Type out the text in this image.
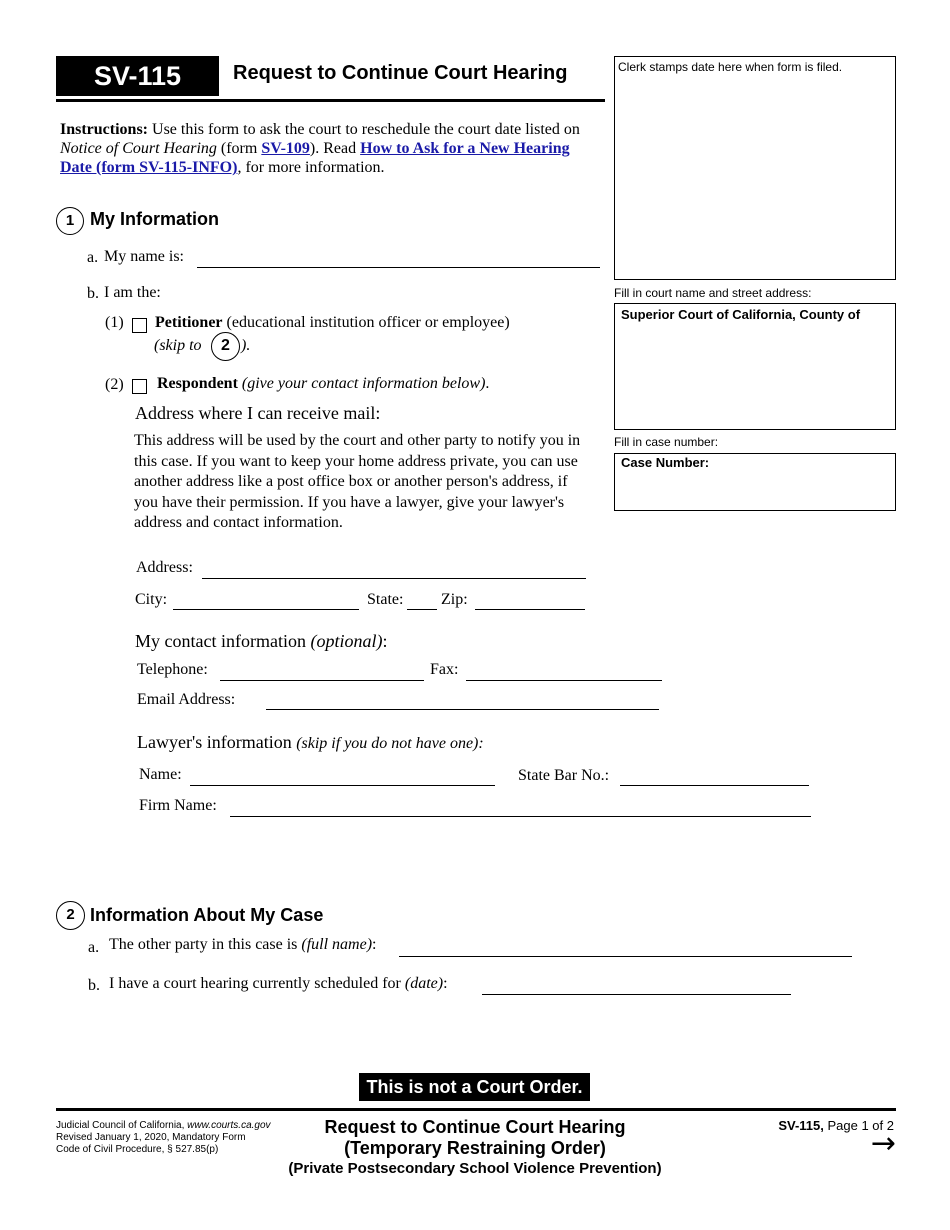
SV-115	Request to Continue Court Hearing	Clerk stamps date here when form is filed.
Fill in court name and street address:
Superior Court of California, County of
Fill in case number:
Case Number:
Instructions: Use this form to ask the court to reschedule the court date listed on Notice of Court Hearing (form SV-109). Read How to Ask for a New Hearing Date (form SV-115-INFO), for more information.
1 My Information
a. My name is:
b. I am the:
(1) Petitioner (educational institution officer or employee)
(skip to	2 ).
(2) Respondent (give your contact information below).
Address where I can receive mail:
This address will be used by the court and other party to notify you in this case. If you want to keep your home address private, you can use another address like a post office box or another person's address, if you have their permission. If you have a lawyer, give your lawyer's address and contact information.
Address:
City:	State: Zip:
My contact information (optional):
Telephone:	Fax:
Email Address:
Lawyer's information (skip if you do not have one):
Name:	State Bar No.:
Firm Name:
2 Information About My Case
a. The other party in this case is (full name):
b. I have a court hearing currently scheduled for (date):
This is not a Court Order.
Judicial Council of California, www.courts.ca.gov
Revised January 1, 2020, Mandatory Form
Code of Civil Procedure, § 527.85(p)
Request to Continue Court Hearing
(Temporary Restraining Order)
(Private Postsecondary School Violence Prevention)
SV-115, Page 1 of 2
→
